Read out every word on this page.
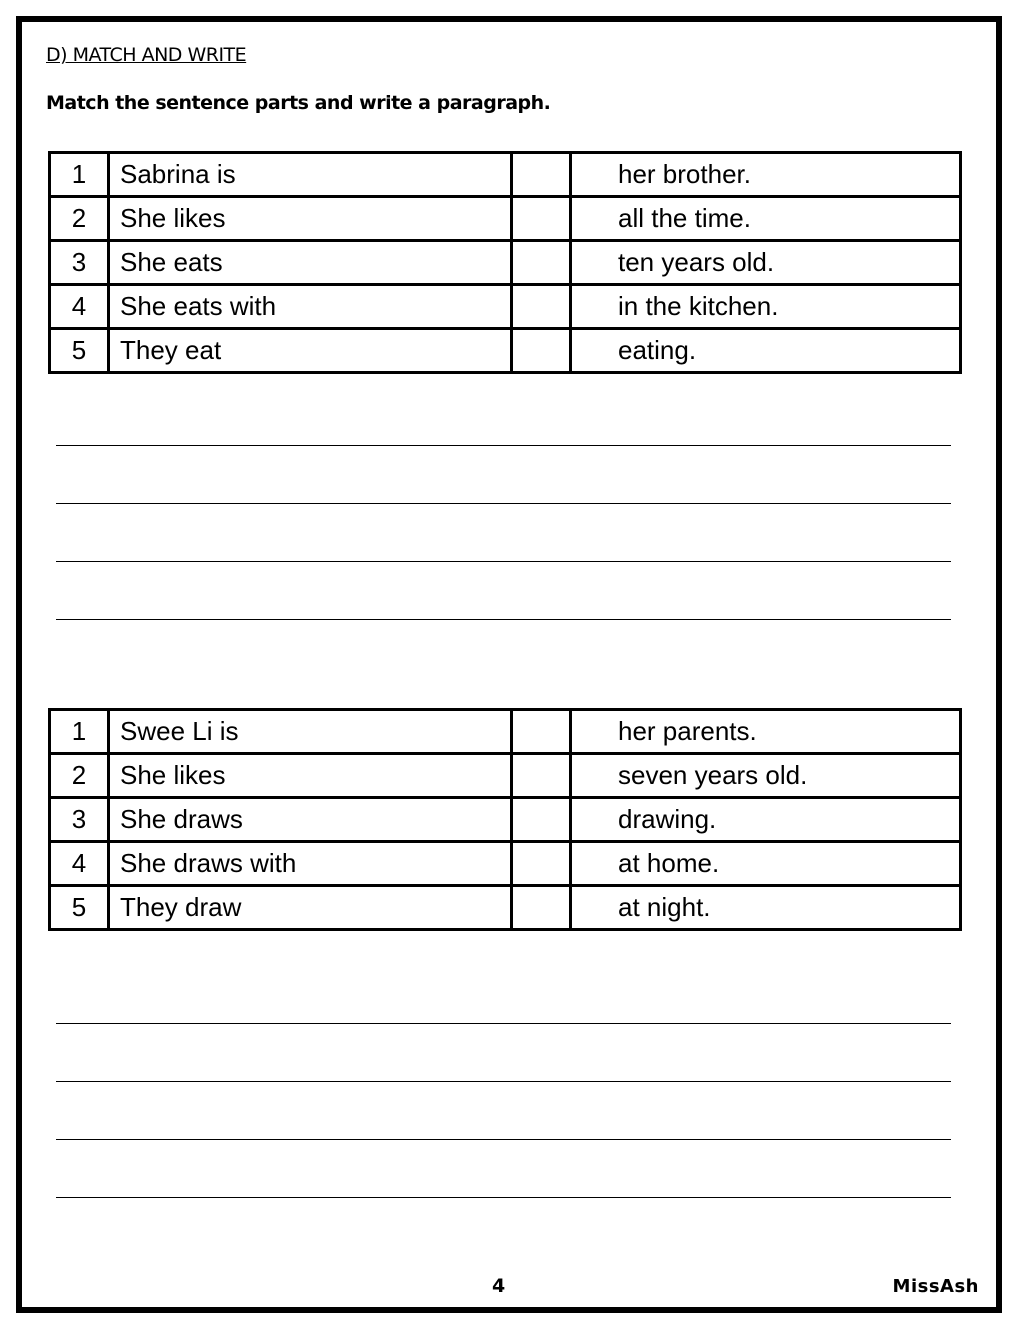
D) MATCH AND WRITE
Match the sentence parts and write a paragraph.
1	Sabrina is		her brother.
2	She likes		all the time.
3	She eats		ten years old.
4	She eats with		in the kitchen.
5	They eat		eating.
1	Swee Li is		her parents.
2	She likes		seven years old.
3	She draws		drawing.
4	She draws with		at home.
5	They draw		at night.
4	MissAsh
